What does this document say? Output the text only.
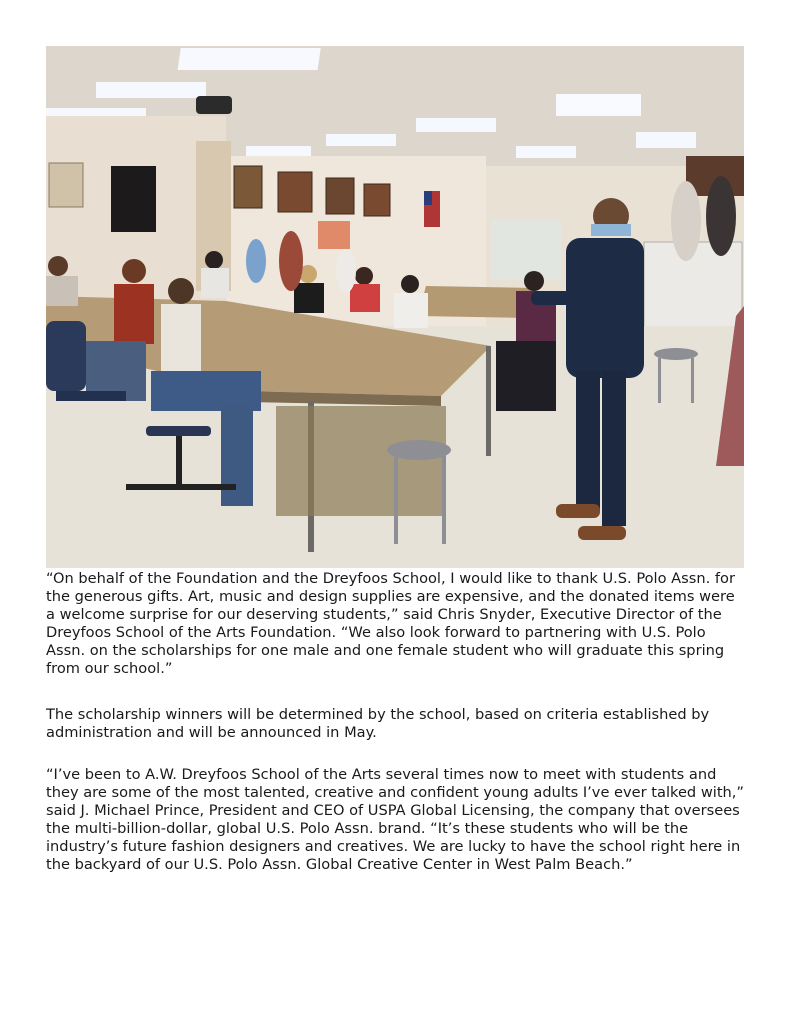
“On behalf of the Foundation and the Dreyfoos School, I would like to thank U.S. Polo Assn. for the generous gifts. Art, music and design supplies are expensive, and the donated items were a welcome surprise for our deserving students,” said Chris Snyder, Executive Director of the Dreyfoos School of the Arts Foundation. “We also look forward to partnering with U.S. Polo Assn. on the scholarships for one male and one female student who will graduate this spring from our school.”

The scholarship winners will be determined by the school, based on criteria established by administration and will be announced in May.

“I’ve been to A.W. Dreyfoos School of the Arts several times now to meet with students and they are some of the most talented, creative and confident young adults I’ve ever talked with,” said J. Michael Prince, President and CEO of USPA Global Licensing, the company that oversees the multi-billion-dollar, global U.S. Polo Assn. brand. “It’s these students who will be the industry’s future fashion designers and creatives. We are lucky to have the school right here in the backyard of our U.S. Polo Assn. Global Creative Center in West Palm Beach.”
